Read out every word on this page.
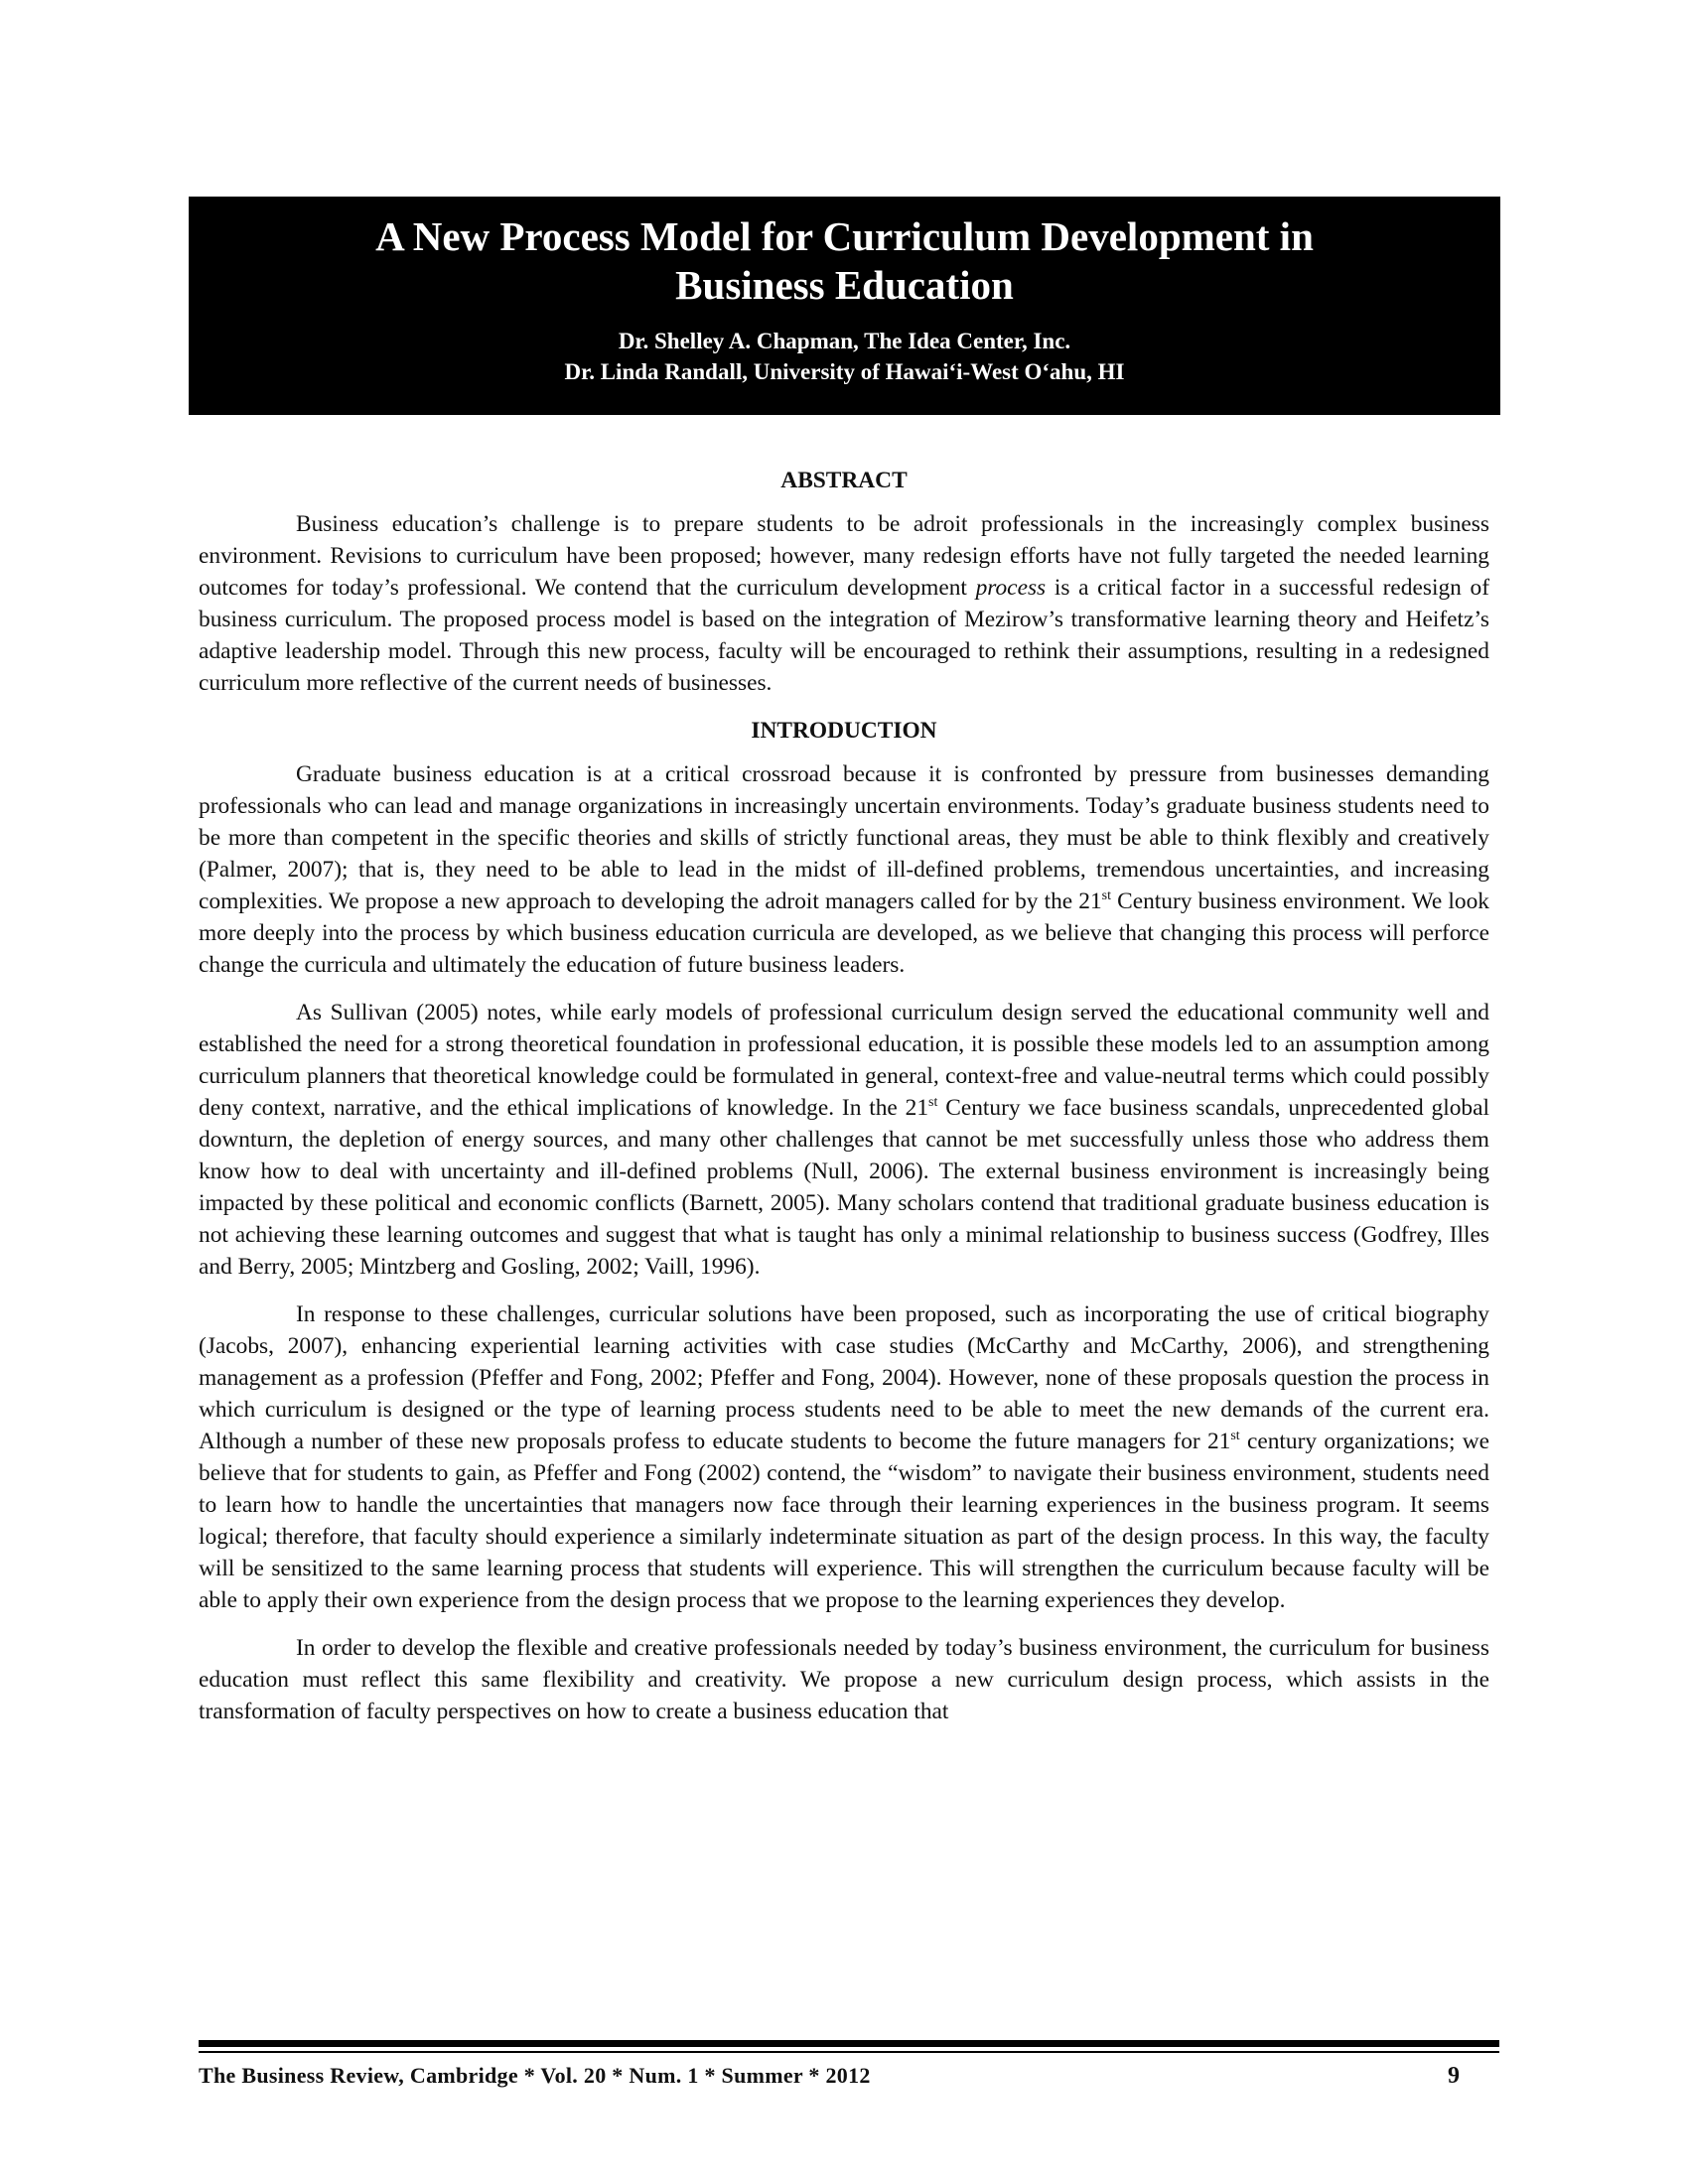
A New Process Model for Curriculum Development in Business Education
Dr. Shelley A. Chapman, The Idea Center, Inc.
Dr. Linda Randall, University of Hawai‘i-West O‘ahu, HI
ABSTRACT

Business education’s challenge is to prepare students to be adroit professionals in the increasingly complex business environment. Revisions to curriculum have been proposed; however, many redesign efforts have not fully targeted the needed learning outcomes for today’s professional. We contend that the curriculum development process is a critical factor in a successful redesign of business curriculum. The proposed process model is based on the integration of Mezirow’s transformative learning theory and Heifetz’s adaptive leadership model. Through this new process, faculty will be encouraged to rethink their assumptions, resulting in a redesigned curriculum more reflective of the current needs of businesses.

INTRODUCTION

Graduate business education is at a critical crossroad because it is confronted by pressure from businesses demanding professionals who can lead and manage organizations in increasingly uncertain environments. Today’s graduate business students need to be more than competent in the specific theories and skills of strictly functional areas, they must be able to think flexibly and creatively (Palmer, 2007); that is, they need to be able to lead in the midst of ill-defined problems, tremendous uncertainties, and increasing complexities. We propose a new approach to developing the adroit managers called for by the 21st Century business environment. We look more deeply into the process by which business education curricula are developed, as we believe that changing this process will perforce change the curricula and ultimately the education of future business leaders.

As Sullivan (2005) notes, while early models of professional curriculum design served the educational community well and established the need for a strong theoretical foundation in professional education, it is possible these models led to an assumption among curriculum planners that theoretical knowledge could be formulated in general, context-free and value-neutral terms which could possibly deny context, narrative, and the ethical implications of knowledge. In the 21st Century we face business scandals, unprecedented global downturn, the depletion of energy sources, and many other challenges that cannot be met successfully unless those who address them know how to deal with uncertainty and ill-defined problems (Null, 2006). The external business environment is increasingly being impacted by these political and economic conflicts (Barnett, 2005). Many scholars contend that traditional graduate business education is not achieving these learning outcomes and suggest that what is taught has only a minimal relationship to business success (Godfrey, Illes and Berry, 2005; Mintzberg and Gosling, 2002; Vaill, 1996).

In response to these challenges, curricular solutions have been proposed, such as incorporating the use of critical biography (Jacobs, 2007), enhancing experiential learning activities with case studies (McCarthy and McCarthy, 2006), and strengthening management as a profession (Pfeffer and Fong, 2002; Pfeffer and Fong, 2004). However, none of these proposals question the process in which curriculum is designed or the type of learning process students need to be able to meet the new demands of the current era. Although a number of these new proposals profess to educate students to become the future managers for 21st century organizations; we believe that for students to gain, as Pfeffer and Fong (2002) contend, the “wisdom” to navigate their business environment, students need to learn how to handle the uncertainties that managers now face through their learning experiences in the business program. It seems logical; therefore, that faculty should experience a similarly indeterminate situation as part of the design process. In this way, the faculty will be sensitized to the same learning process that students will experience. This will strengthen the curriculum because faculty will be able to apply their own experience from the design process that we propose to the learning experiences they develop.

In order to develop the flexible and creative professionals needed by today’s business environment, the curriculum for business education must reflect this same flexibility and creativity. We propose a new curriculum design process, which assists in the transformation of faculty perspectives on how to create a business education that

The Business Review, Cambridge * Vol. 20 * Num. 1 * Summer * 2012	9
